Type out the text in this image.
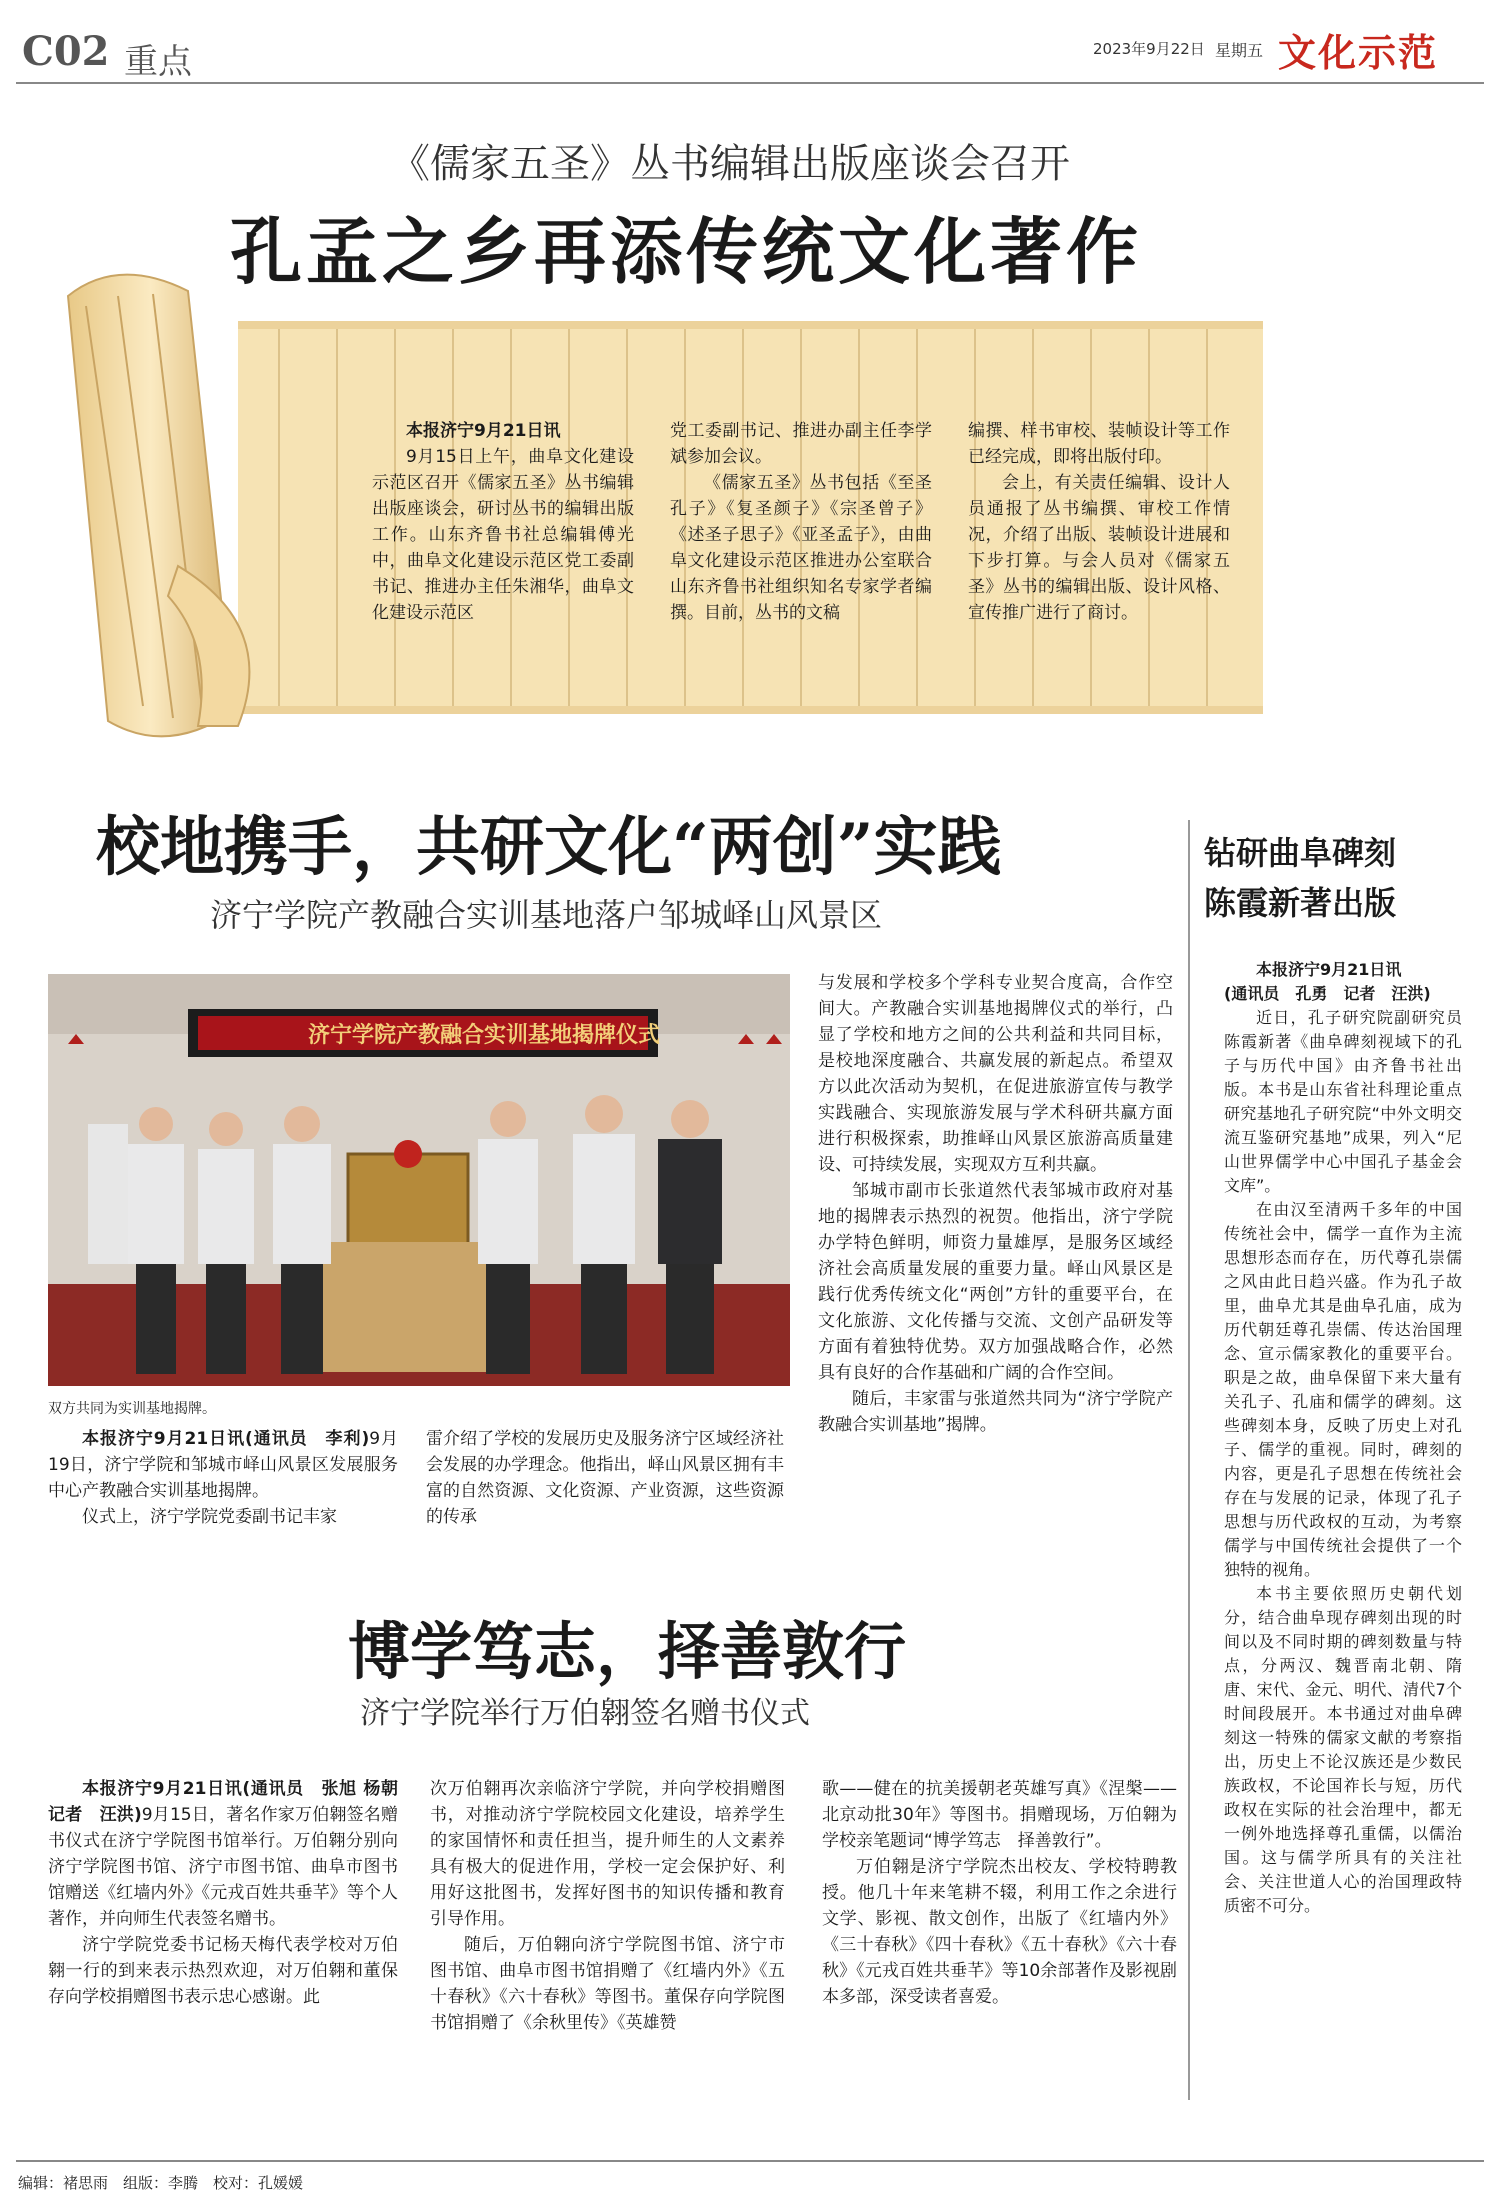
C02 重点	2023年9月22日 星期五 文化示范
《儒家五圣》丛书编辑出版座谈会召开
孔孟之乡再添传统文化著作

本报济宁9月21日讯

9月15日上午，曲阜文化建设示范区召开《儒家五圣》丛书编辑出版座谈会，研讨丛书的编辑出版工作。山东齐鲁书社总编辑傅光中，曲阜文化建设示范区党工委副书记、推进办主任朱湘华，曲阜文化建设示范区

党工委副书记、推进办副主任李学斌参加会议。

《儒家五圣》丛书包括《至圣孔子》《复圣颜子》《宗圣曾子》《述圣子思子》《亚圣孟子》，由曲阜文化建设示范区推进办公室联合山东齐鲁书社组织知名专家学者编撰。目前，丛书的文稿

编撰、样书审校、装帧设计等工作已经完成，即将出版付印。

会上，有关责任编辑、设计人员通报了丛书编撰、审校工作情况，介绍了出版、装帧设计进展和下步打算。与会人员对《儒家五圣》丛书的编辑出版、设计风格、宣传推广进行了商讨。

校地携手，共研文化“两创”实践
济宁学院产教融合实训基地落户邹城峄山风景区
济宁学院产教融合实训基地揭牌仪式
双方共同为实训基地揭牌。

本报济宁9月21日讯(通讯员　李利)9月19日，济宁学院和邹城市峄山风景区发展服务中心产教融合实训基地揭牌。

仪式上，济宁学院党委副书记丰家

雷介绍了学校的发展历史及服务济宁区域经济社会发展的办学理念。他指出，峄山风景区拥有丰富的自然资源、文化资源、产业资源，这些资源的传承

与发展和学校多个学科专业契合度高，合作空间大。产教融合实训基地揭牌仪式的举行，凸显了学校和地方之间的公共利益和共同目标，是校地深度融合、共赢发展的新起点。希望双方以此次活动为契机，在促进旅游宣传与教学实践融合、实现旅游发展与学术科研共赢方面进行积极探索，助推峄山风景区旅游高质量建设、可持续发展，实现双方互利共赢。

邹城市副市长张道然代表邹城市政府对基地的揭牌表示热烈的祝贺。他指出，济宁学院办学特色鲜明，师资力量雄厚，是服务区域经济社会高质量发展的重要力量。峄山风景区是践行优秀传统文化“两创”方针的重要平台，在文化旅游、文化传播与交流、文创产品研发等方面有着独特优势。双方加强战略合作，必然具有良好的合作基础和广阔的合作空间。

随后，丰家雷与张道然共同为“济宁学院产教融合实训基地”揭牌。

博学笃志，择善敦行
济宁学院举行万伯翱签名赠书仪式

本报济宁9月21日讯(通讯员　张旭 杨朝　记者　汪洪)9月15日，著名作家万伯翱签名赠书仪式在济宁学院图书馆举行。万伯翱分别向济宁学院图书馆、济宁市图书馆、曲阜市图书馆赠送《红墙内外》《元戎百姓共垂芊》等个人著作，并向师生代表签名赠书。

济宁学院党委书记杨天梅代表学校对万伯翱一行的到来表示热烈欢迎，对万伯翱和董保存向学校捐赠图书表示忠心感谢。此

次万伯翱再次亲临济宁学院，并向学校捐赠图书，对推动济宁学院校园文化建设，培养学生的家国情怀和责任担当，提升师生的人文素养具有极大的促进作用，学校一定会保护好、利用好这批图书，发挥好图书的知识传播和教育引导作用。

随后，万伯翱向济宁学院图书馆、济宁市图书馆、曲阜市图书馆捐赠了《红墙内外》《五十春秋》《六十春秋》等图书。董保存向学院图书馆捐赠了《余秋里传》《英雄赞

歌——健在的抗美援朝老英雄写真》《涅槃——北京动批30年》等图书。捐赠现场，万伯翱为学校亲笔题词“博学笃志　择善敦行”。

万伯翱是济宁学院杰出校友、学校特聘教授。他几十年来笔耕不辍，利用工作之余进行文学、影视、散文创作，出版了《红墙内外》《三十春秋》《四十春秋》《五十春秋》《六十春秋》《元戎百姓共垂芊》等10余部著作及影视剧本多部，深受读者喜爱。

钻研曲阜碑刻
陈霞新著出版

本报济宁9月21日讯

(通讯员　孔勇　记者　汪洪)

近日，孔子研究院副研究员陈霞新著《曲阜碑刻视域下的孔子与历代中国》由齐鲁书社出版。本书是山东省社科理论重点研究基地孔子研究院“中外文明交流互鉴研究基地”成果，列入“尼山世界儒学中心中国孔子基金会文库”。

在由汉至清两千多年的中国传统社会中，儒学一直作为主流思想形态而存在，历代尊孔崇儒之风由此日趋兴盛。作为孔子故里，曲阜尤其是曲阜孔庙，成为历代朝廷尊孔崇儒、传达治国理念、宣示儒家教化的重要平台。职是之故，曲阜保留下来大量有关孔子、孔庙和儒学的碑刻。这些碑刻本身，反映了历史上对孔子、儒学的重视。同时，碑刻的内容，更是孔子思想在传统社会存在与发展的记录，体现了孔子思想与历代政权的互动，为考察儒学与中国传统社会提供了一个独特的视角。

本书主要依照历史朝代划分，结合曲阜现存碑刻出现的时间以及不同时期的碑刻数量与特点，分两汉、魏晋南北朝、隋唐、宋代、金元、明代、清代7个时间段展开。本书通过对曲阜碑刻这一特殊的儒家文献的考察指出，历史上不论汉族还是少数民族政权，不论国祚长与短，历代政权在实际的社会治理中，都无一例外地选择尊孔重儒，以儒治国。这与儒学所具有的关注社会、关注世道人心的治国理政特质密不可分。

编辑：褚思雨　组版：李腾　校对：孔媛媛
